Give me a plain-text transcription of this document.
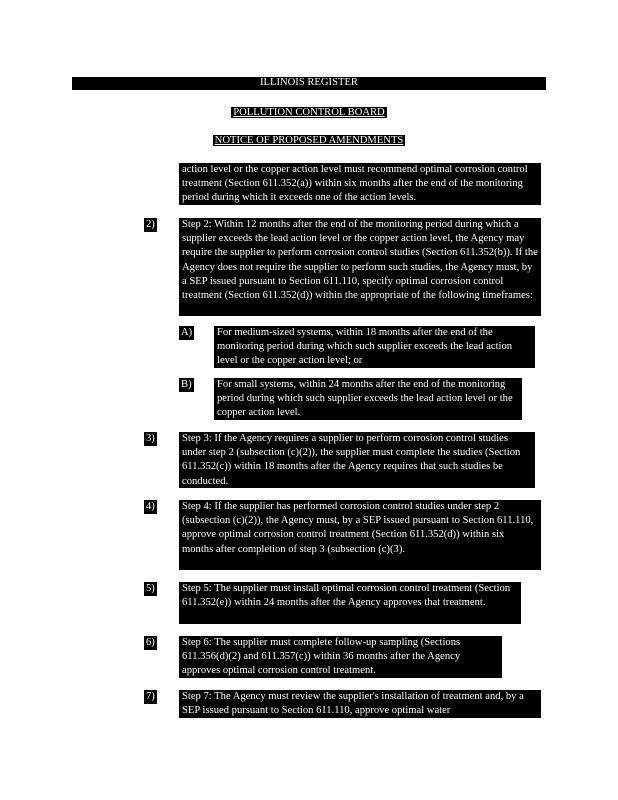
ILLINOIS REGISTER
POLLUTION CONTROL BOARD
NOTICE OF PROPOSED AMENDMENTS
action level or the copper action level must recommend optimal corrosion control treatment (Section 611.352(a)) within six months after the end of the monitoring period during which it exceeds one of the action levels.
2)	Step 2: Within 12 months after the end of the monitoring period during which a supplier exceeds the lead action level or the copper action level, the Agency may require the supplier to perform corrosion control studies (Section 611.352(b)). If the Agency does not require the supplier to perform such studies, the Agency must, by a SEP issued pursuant to Section 611.110, specify optimal corrosion control treatment (Section 611.352(d)) within the appropriate of the following timeframes:
A) For medium-sized systems, within 18 months after the end of the monitoring period during which such supplier exceeds the lead action level or the copper action level; or
B) For small systems, within 24 months after the end of the monitoring period during which such supplier exceeds the lead action level or the copper action level.
3)	Step 3: If the Agency requires a supplier to perform corrosion control studies under step 2 (subsection (c)(2)), the supplier must complete the studies (Section 611.352(c)) within 18 months after the Agency requires that such studies be conducted.
4)	Step 4: If the supplier has performed corrosion control studies under step 2 (subsection (c)(2)), the Agency must, by a SEP issued pursuant to Section 611.110, approve optimal corrosion control treatment (Section 611.352(d)) within six months after completion of step 3 (subsection (c)(3).
5)	Step 5: The supplier must install optimal corrosion control treatment (Section 611.352(e)) within 24 months after the Agency approves that treatment.
6)	Step 6: The supplier must complete follow-up sampling (Sections 611.356(d)(2) and 611.357(c)) within 36 months after the Agency approves optimal corrosion control treatment.
7)	Step 7: The Agency must review the supplier's installation of treatment and, by a SEP issued pursuant to Section 611.110, approve optimal water
